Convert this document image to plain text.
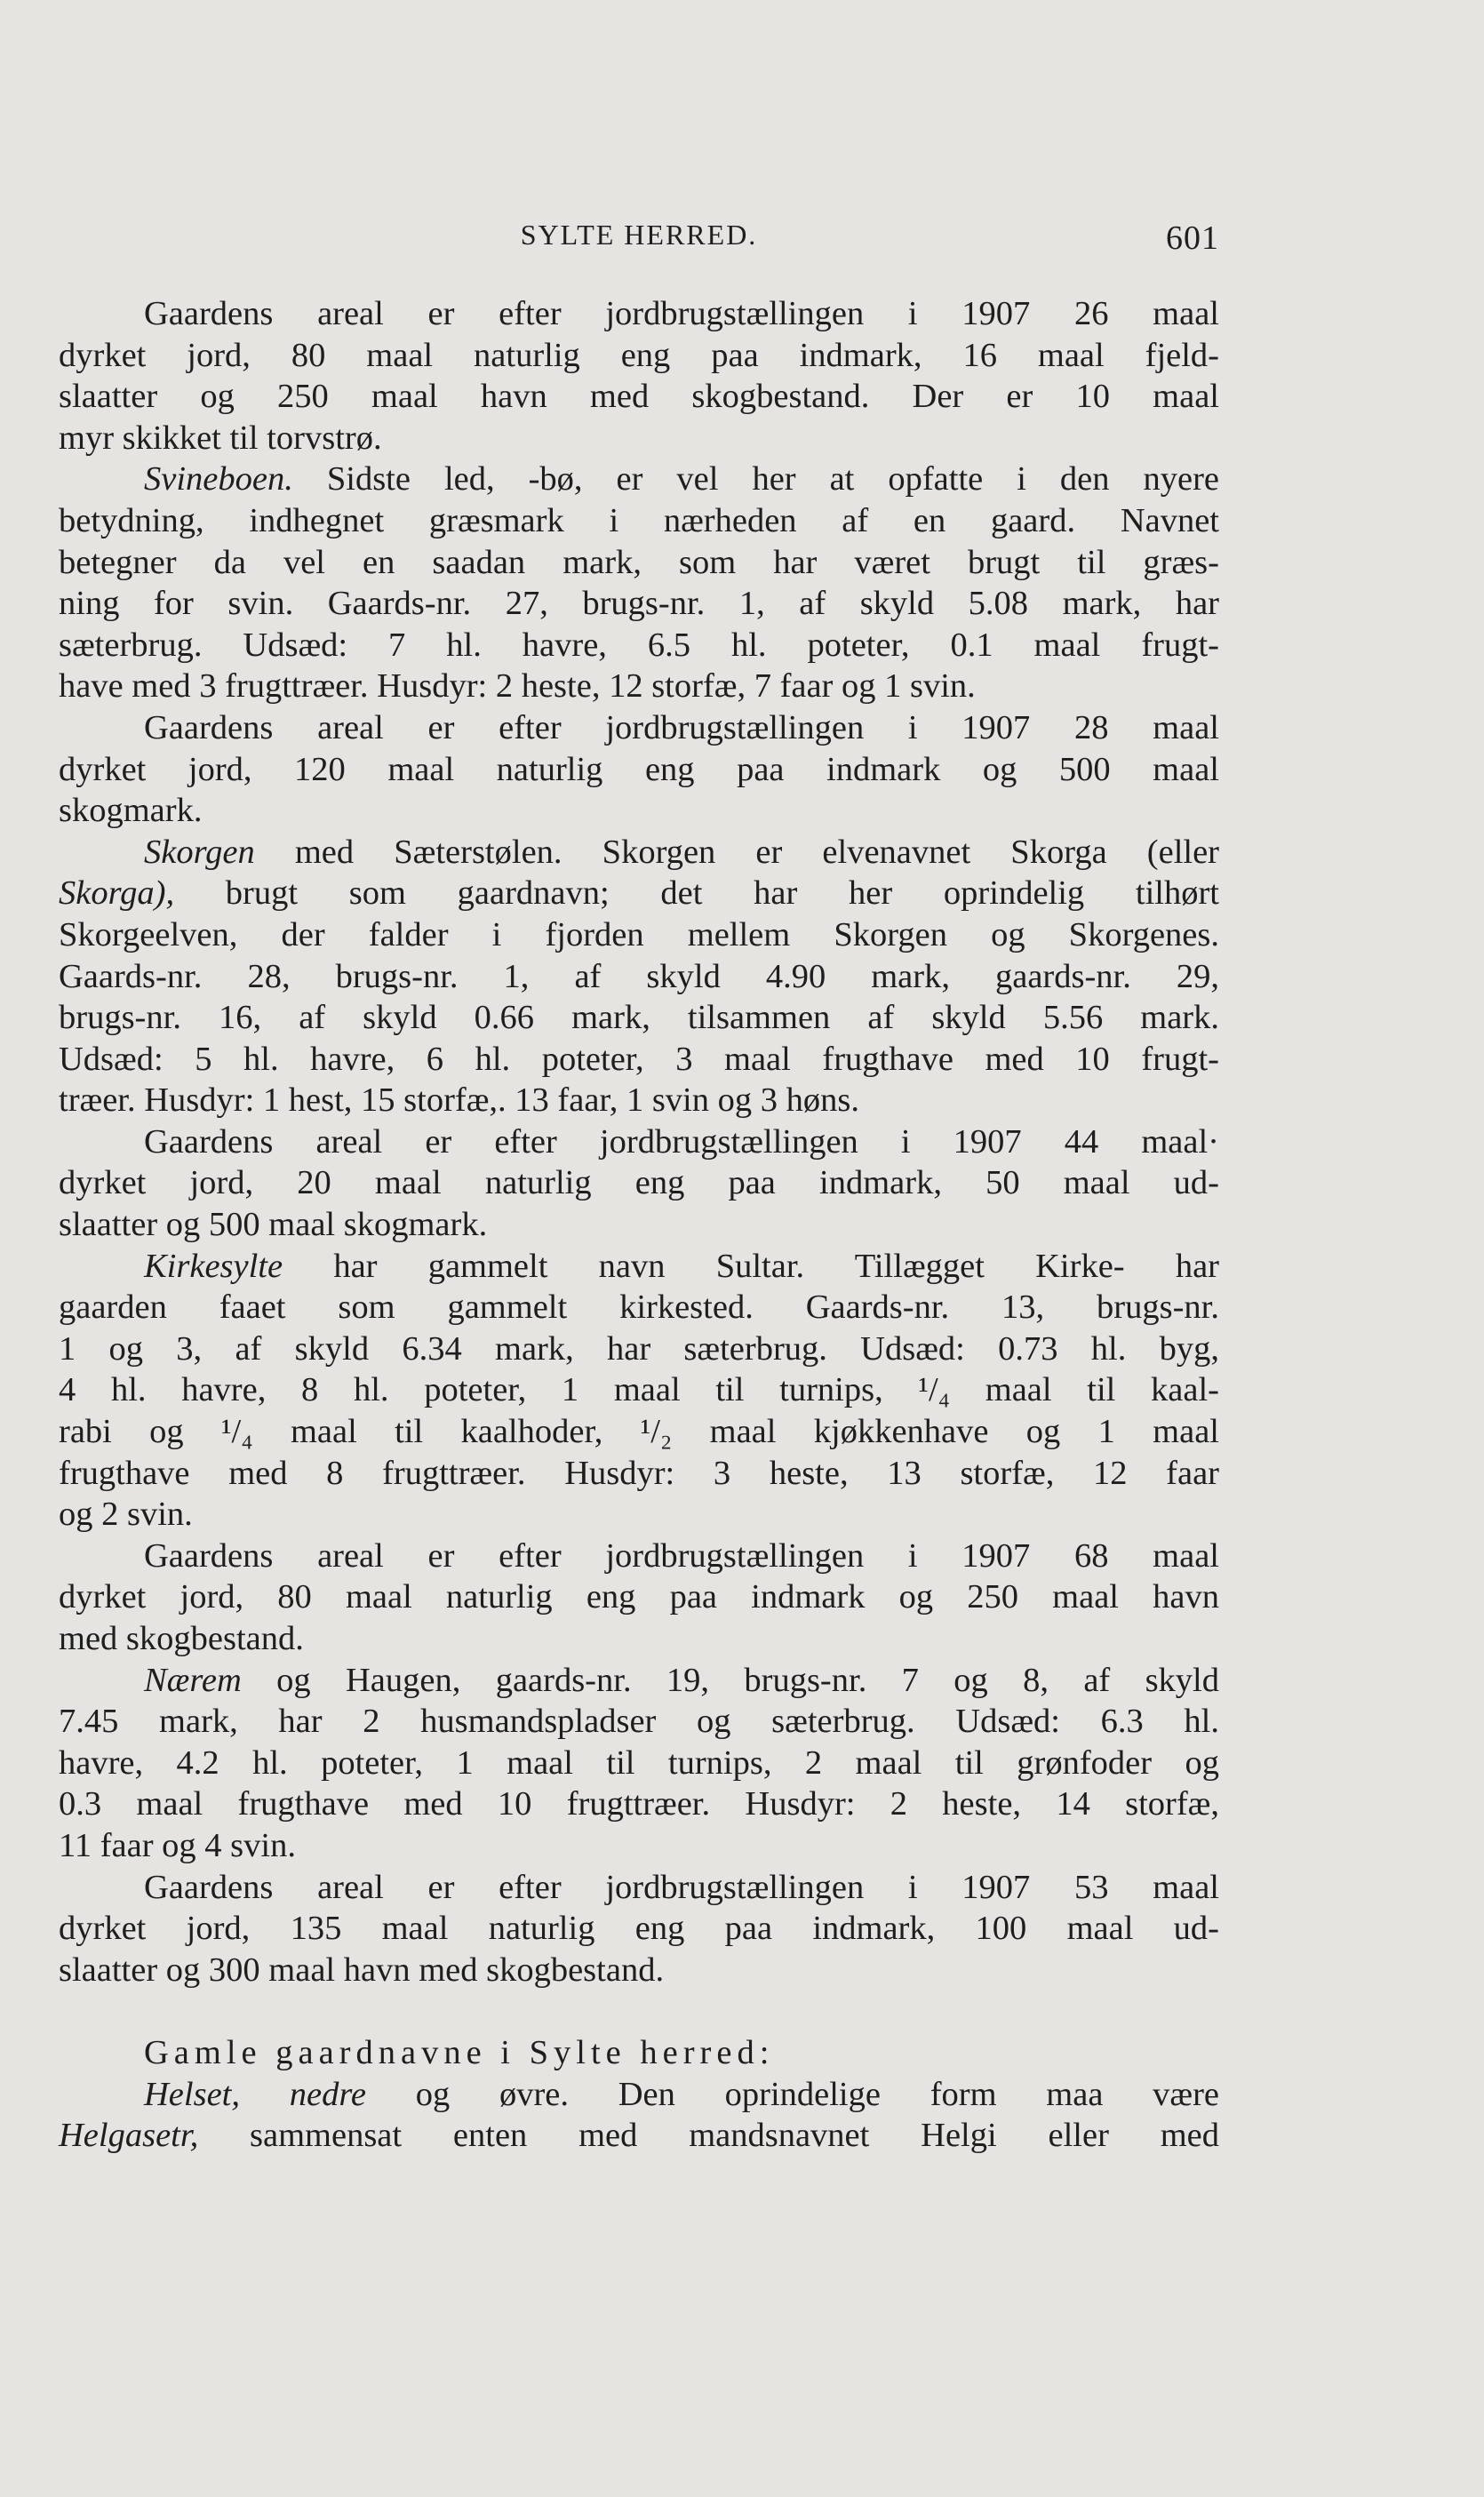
SYLTE HERRED.	601

Gaardens areal er efter jordbrugstællingen i 1907 26 maal

dyrket jord, 80 maal naturlig eng paa indmark, 16 maal fjeld-

slaatter og 250 maal havn med skogbestand. Der er 10 maal

myr skikket til torvstrø.

Svineboen. Sidste led, -bø, er vel her at opfatte i den nyere

betydning, indhegnet græsmark i nærheden af en gaard. Navnet

betegner da vel en saadan mark, som har været brugt til græs-

ning for svin. Gaards-nr. 27, brugs-nr. 1, af skyld 5.08 mark, har

sæterbrug. Udsæd: 7 hl. havre, 6.5 hl. poteter, 0.1 maal frugt-

have med 3 frugttræer. Husdyr: 2 heste, 12 storfæ, 7 faar og 1 svin.

Gaardens areal er efter jordbrugstællingen i 1907 28 maal

dyrket jord, 120 maal naturlig eng paa indmark og 500 maal

skogmark.

Skorgen med Sæterstølen. Skorgen er elvenavnet Skorga (eller

Skorga), brugt som gaardnavn; det har her oprindelig tilhørt

Skorgeelven, der falder i fjorden mellem Skorgen og Skorgenes.

Gaards-nr. 28, brugs-nr. 1, af skyld 4.90 mark, gaards-nr. 29,

brugs-nr. 16, af skyld 0.66 mark, tilsammen af skyld 5.56 mark.

Udsæd: 5 hl. havre, 6 hl. poteter, 3 maal frugthave med 10 frugt-

træer. Husdyr: 1 hest, 15 storfæ,. 13 faar, 1 svin og 3 høns.

Gaardens areal er efter jordbrugstællingen i 1907 44 maal·

dyrket jord, 20 maal naturlig eng paa indmark, 50 maal ud-

slaatter og 500 maal skogmark.

Kirkesylte har gammelt navn Sultar. Tillægget Kirke- har

gaarden faaet som gammelt kirkested. Gaards-nr. 13, brugs-nr.

1 og 3, af skyld 6.34 mark, har sæterbrug. Udsæd: 0.73 hl. byg,

4 hl. havre, 8 hl. poteter, 1 maal til turnips, ¹/₄ maal til kaal-

rabi og ¹/₄ maal til kaalhoder, ¹/₂ maal kjøkkenhave og 1 maal

frugthave med 8 frugttræer. Husdyr: 3 heste, 13 storfæ, 12 faar

og 2 svin.

Gaardens areal er efter jordbrugstællingen i 1907 68 maal

dyrket jord, 80 maal naturlig eng paa indmark og 250 maal havn

med skogbestand.

Nærem og Haugen, gaards-nr. 19, brugs-nr. 7 og 8, af skyld

7.45 mark, har 2 husmandspladser og sæterbrug. Udsæd: 6.3 hl.

havre, 4.2 hl. poteter, 1 maal til turnips, 2 maal til grønfoder og

0.3 maal frugthave med 10 frugttræer. Husdyr: 2 heste, 14 storfæ,

11 faar og 4 svin.

Gaardens areal er efter jordbrugstællingen i 1907 53 maal

dyrket jord, 135 maal naturlig eng paa indmark, 100 maal ud-

slaatter og 300 maal havn med skogbestand.

Gamle gaardnavne i Sylte herred:

Helset, nedre og øvre. Den oprindelige form maa være

Helgasetr, sammensat enten med mandsnavnet Helgi eller med
